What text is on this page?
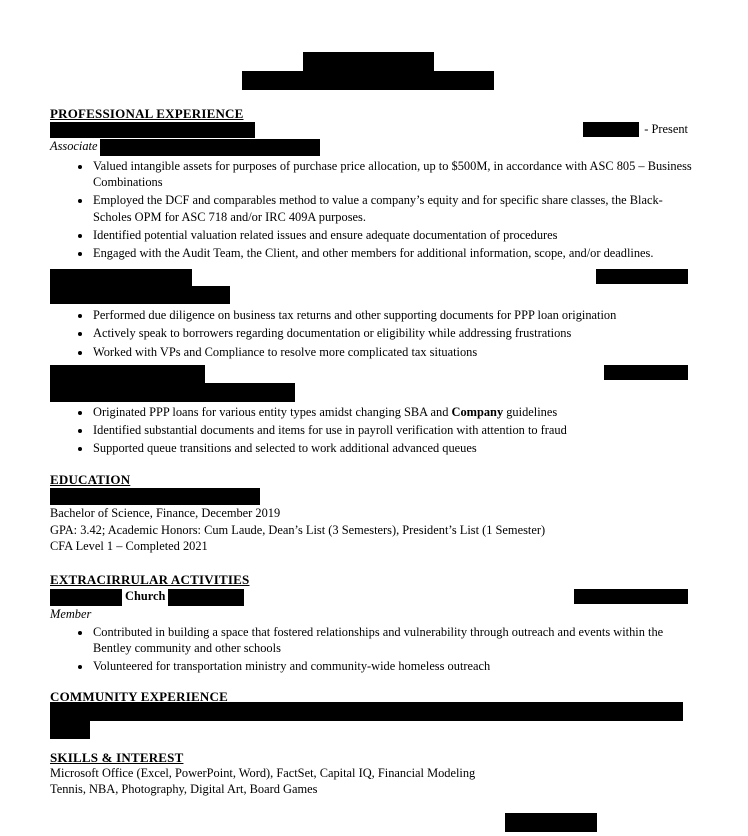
PROFESSIONAL EXPERIENCE
- Present
Associate
• Valued intangible assets for purposes of purchase price allocation, up to $500M, in accordance with ASC 805 – Business Combinations
• Employed the DCF and comparables method to value a company’s equity and for specific share classes, the Black-Scholes OPM for ASC 718 and/or IRC 409A purposes.
• Identified potential valuation related issues and ensure adequate documentation of procedures
• Engaged with the Audit Team, the Client, and other members for additional information, scope, and/or deadlines.
• Performed due diligence on business tax returns and other supporting documents for PPP loan origination
• Actively speak to borrowers regarding documentation or eligibility while addressing frustrations
• Worked with VPs and Compliance to resolve more complicated tax situations
• Originated PPP loans for various entity types amidst changing SBA and Company guidelines
• Identified substantial documents and items for use in payroll verification with attention to fraud
• Supported queue transitions and selected to work additional advanced queues
EDUCATION

Bachelor of Science, Finance, December 2019

GPA: 3.42; Academic Honors: Cum Laude, Dean’s List (3 Semesters), President’s List (1 Semester)

CFA Level 1 – Completed 2021

EXTRACIRRULAR ACTIVITIES
Church

Member

• Contributed in building a space that fostered relationships and vulnerability through outreach and events within the Bentley community and other schools
• Volunteered for transportation ministry and community-wide homeless outreach
COMMUNITY EXPERIENCE
SKILLS & INTEREST

Microsoft Office (Excel, PowerPoint, Word), FactSet, Capital IQ, Financial Modeling

Tennis, NBA, Photography, Digital Art, Board Games
